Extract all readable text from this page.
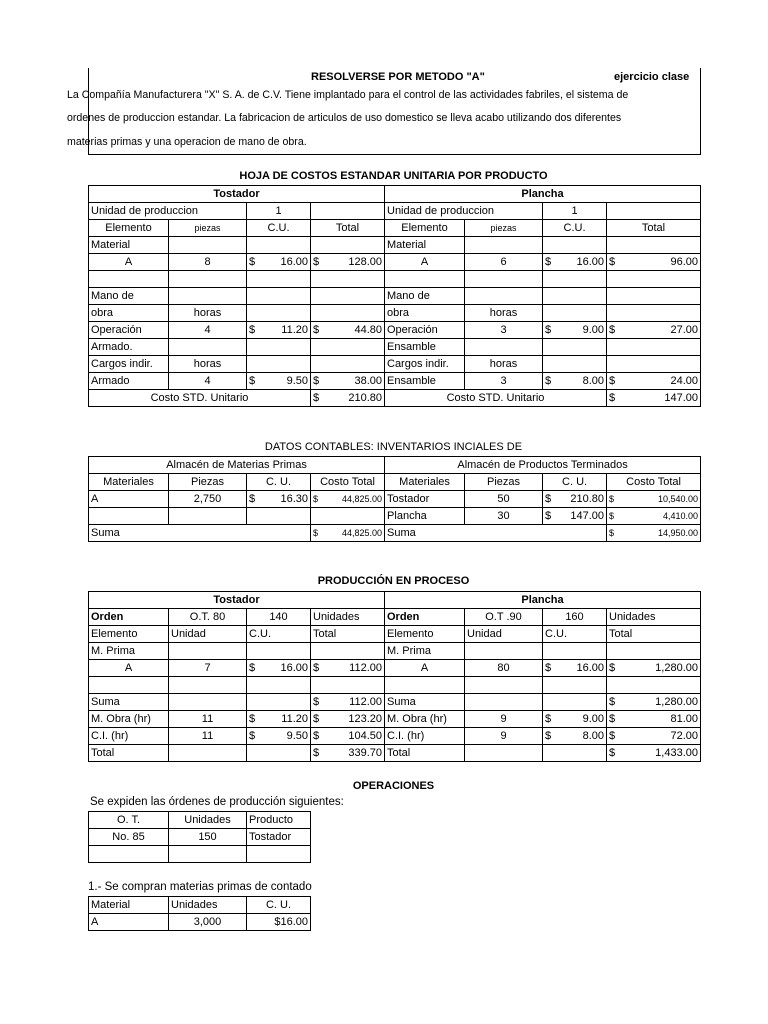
RESOLVERSE POR METODO "A"	ejercicio clase
La Compañía Manufacturera "X" S. A. de C.V. Tiene implantado para el control de las actividades fabriles, el sistema de
ordenes de produccion estandar. La fabricacion de articulos de uso domestico se lleva acabo utilizando dos diferentes
materias primas y una operacion de mano de obra.
HOJA DE COSTOS ESTANDAR UNITARIA POR PRODUCTO
Tostador				Plancha			
Unidad de produccion		1		Unidad de produccion		1	
Elemento	piezas	C.U.	Total	Elemento	piezas	C.U.	Total
Material				Material			
A	8	$ 16.00	$ 128.00	A	6	$ 16.00	$ 96.00

Mano de				Mano de			
obra	horas			obra	horas		
Operación	4	$ 11.20	$ 44.80	Operación	3	$ 9.00	$ 27.00

Armado.				Ensamble			
Cargos indir.	horas			Cargos indir.	horas		
Armado	4	$ 9.50	$ 38.00	Ensamble	3	$ 8.00	$ 24.00

Costo STD. Unitario			$ 210.80	Costo STD. Unitario			$ 147.00
DATOS CONTABLES: INVENTARIOS INCIALES DE
Almacén de Materias Primas				Almacén de Productos Terminados			
Materiales	Piezas	C. U.	Costo Total	Materiales	Piezas	C. U.	Costo Total
A	2,750	$ 16.30	$ 44,825.00	Tostador	50	$ 210.80	$ 10,540.00

				Plancha	30	$ 147.00	$ 4,410.00

Suma			$ 44,825.00	Suma			$ 14,950.00
PRODUCCIÓN EN PROCESO
Tostador				Plancha			
Orden	O.T. 80	140	Unidades	Orden	O.T .90	160	Unidades
Elemento	Unidad	C.U.	Total	Elemento	Unidad	C.U.	Total
M. Prima				M. Prima			
A	7	$ 16.00	$ 112.00	A	80	$ 16.00	$ 1,280.00

Suma			$ 112.00	Suma			$ 1,280.00

M. Obra (hr)	11	$ 11.20	$ 123.20	M. Obra (hr)	9	$ 9.00	$ 81.00

C.I. (hr)	11	$ 9.50	$ 104.50	C.I. (hr)	9	$ 8.00	$ 72.00

Total			$ 339.70	Total			$ 1,433.00
OPERACIONES
Se expiden las órdenes de producción siguientes:
O. T.	Unidades	Producto
No. 85	150	Tostador

1.- Se compran materias primas de contado
Material	Unidades	C. U.
A	3,000	$16.00
